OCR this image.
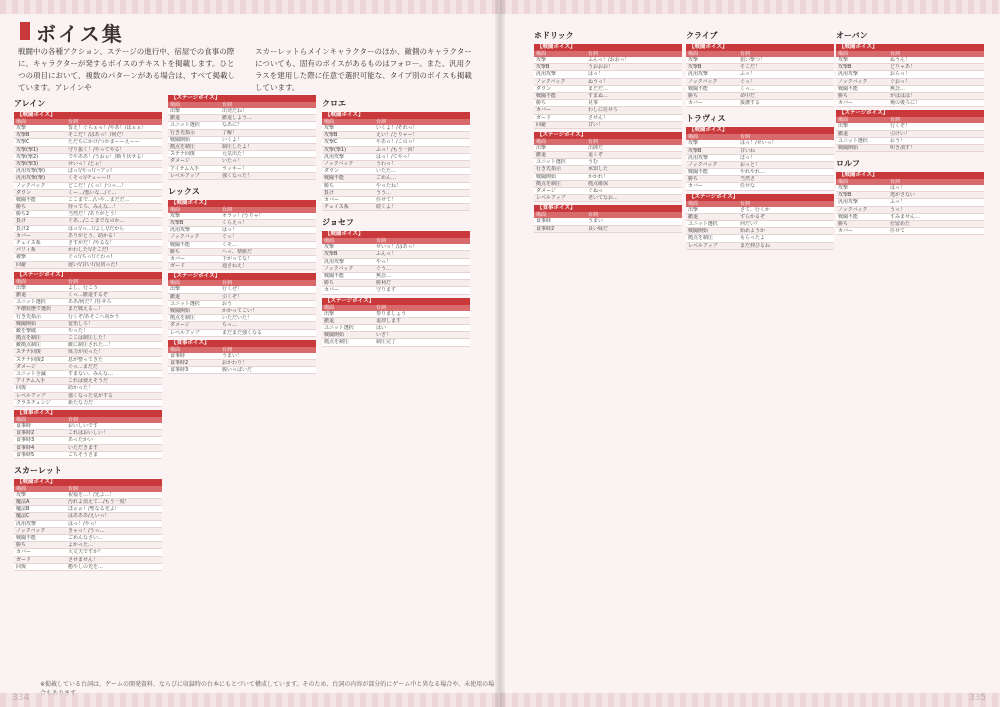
ボイス集
戦闘中の各種アクション、ステージの進行中、宿屋での食事の際に、キャラクターが発するボイスのテキストを掲載します。ひとつの項目において、複数のパターンがある場合は、すべて掲載しています。アレインや
スカーレットらメインキャラクターのほか、敵側のキャラクターについても、固有のボイスがあるものはフォロー。また、汎用クラスを建用した際に任意で選択可能な、タイプ別のボイスも掲載しています。
アレイン
【戦闘ボイス】
場面	台詞
攻撃	誓え！ぐらぁっ！/やあ！/はぁぁ！
攻撃B	そこだ！/はあっ！/何だ！
攻撃C	ただちにかけ/つかまーーえーー
攻撃(撃1)	守り抜く！/やってやる！
攻撃(撃2)	でやああ！/うおぉ！/斬り伏せる！
攻撃(撃3)	せいっ！/とぉ！
汎用攻撃(撃)	ぱっ!/やっ!/ハアッ!
汎用攻撃(撃)	くそっ!/チェーー!!
ノックバック	どこだ！/くっ！/つっ…！
ダウン	くー…/悪いな…/ぐ…
戦闘不能	ここまで…/いや…まだだ…
勝ち	待ってろ、みんな…！
勝ち2	当然だ！/ありがとう！
負け	ぐあ…/ここまでなのか…
負け2	はっ!/っ…!/よし!/だから
カバー	ありがとう、助かる！
チェイス系	さすがだ！/やるな！
パリィ系	かわした!/そこだ!
被撃	ぐっ!/ちっ!/ぐわっ!
回避	遅い!/甘い!/見切った!
【ステージボイス】
場面	台詞
出撃	よし、行こう
撤退	くっ…撤退するぞ
ユニット選択	ああ/何だ？/任せろ
半壊状態で選択	まだ戦える…！
行き先指示	行くぞ/あそこへ向かう
戦闘開始	覚悟しろ！
敵を撃破	やった！
拠点を制圧	ここは制圧した！
敵拠点制圧	敵に制圧された…！
ステナ回復	体力が戻った！
ステナ回復2	息が整ってきた
ダメージ	ぐっ…まだだ
ユニット全滅	すまない、みんな…
アイテム入手	これは使えそうだ
回復	助かった！
レベルアップ	強くなった気がする
クラスチェンジ	新たな力だ
【食事ボイス】
場面	台詞
食事時	おいしいです
食事時2	これはおいしい！
食事時3	あったかい
食事時4	いただきます
食事時5	ごちそうさま
スカーレット
【戦闘ボイス】
場面	台詞
攻撃	祝福を…！/光よ…！
魔法A	汚れよ消えて…/もう一度！
魔法B	ほぉぉ！/聖なる光よ！
魔法C	はあああ/えいっ！
汎用攻撃	はっ！/やっ！
ノックバック	きゃっ！/うっ…
戦闘不能	ごめんなさい…
勝ち	よかった…
カバー	大丈夫ですか？
ガード	させません！
回復	癒やしの光を…
【ステージボイス】
場面	台詞
出撃	出発だね！
撤退	撤退しよう…
ユニット選択	なあに？
行き先指示	了解！
戦闘開始	いくよ！
拠点を制圧	制圧したよ！
ステナ回復	元気出た！
ダメージ	いたっ！
アイテム入手	ラッキー！
レベルアップ	強くなった！
レックス
【戦闘ボイス】
場面	台詞
攻撃	オラッ！/うりゃ！
攻撃B	くらえっ！
汎用攻撃	はっ！
ノックバック	ぐっ！
戦闘不能	くそ…
勝ち	へっ、楽勝だ
カバー	下がってな！
ガード	通さねえ！
【ステージボイス】
場面	台詞
出撃	行くぜ！
撤退	引くぞ！
ユニット選択	おう
戦闘開始	かかってこい！
拠点を制圧	いただいた！
ダメージ	ちっ…
レベルアップ	まだまだ強くなる
【食事ボイス】
場面	台詞
食事時	うまい！
食事時2	おかわり！
食事時3	腹いっぱいだ
クロエ
【戦闘ボイス】
場面	台詞
攻撃	いくよ！/それっ！
攻撃B	えい！/とりゃー！
攻撃C	やあっ！/このっ！
攻撃(撃1)	ふっ！/もう一回！
汎用攻撃	はっ！/てやっ！
ノックバック	うわっ！
ダウン	いたた…
戦闘不能	ごめん…
勝ち	やったね！
負け	うう…
カバー	任せて！
チェイス系	続くよ！
ジョセフ
【戦闘ボイス】
場面	台詞
攻撃	せいっ！/はあっ！
攻撃B	ふんっ！
汎用攻撃	やっ！
ノックバック	ぐう…
戦闘不能	無念…
勝ち	勝利だ
カバー	守ります
【ステージボイス】
場面	台詞
出撃	参りましょう
撤退	退却します
ユニット選択	はい
戦闘開始	いざ！
拠点を制圧	制圧完了
※掲載している台詞は、ゲームの開発資料、ならびに収録時の台本にもとづいて構成しています。そのため、台詞の内容が部分的にゲーム中と異なる場合や、未使用の場
ホドリック
【戦闘ボイス】
場面	台詞
攻撃	ふんっ！/おおっ！
攻撃B	うおおお！
汎用攻撃	はっ！
ノックバック	ぬうっ！
ダウン	まだだ…
戦闘不能	すまぬ…
勝ち	見事
カバー	わしに任せろ
ガード	させん！
回避	甘い！
【ステージボイス】
場面	台詞
出撃	出陣だ
撤退	退くぞ
ユニット選択	うむ
行き先指示	承知した
戦闘開始	かかれ！
拠点を制圧	拠点確保
ダメージ	ぐぬっ
レベルアップ	老いてなお…
【食事ボイス】
場面	台詞
食事時	うまい
食事時2	良い味だ
クライブ
【戦闘ボイス】
場面	台詞
攻撃	狙い撃つ！
攻撃B	そこだ！
汎用攻撃	ふっ！
ノックバック	ぐっ！
戦闘不能	くっ…
勝ち	命中だ
カバー	援護する
トラヴィス
【戦闘ボイス】
場面	台詞
攻撃	はっ！/せいっ！
攻撃B	甘いね
汎用攻撃	ほっ！
ノックバック	おっと！
戦闘不能	やれやれ…
勝ち	当然さ
カバー	任せな
【ステージボイス】
場面	台詞
出撃	さて、行くか
撤退	ずらかるぞ
ユニット選択	何だい？
戦闘開始	始めようか
拠点を制圧	もらったよ
レベルアップ	まだ伸びるね
オーバン
【戦闘ボイス】
場面	台詞
攻撃	ぬうん！
攻撃B	どりゃあ！
汎用攻撃	おらっ！
ノックバック	ぐおっ！
戦闘不能	無念…
勝ち	がははは！
カバー	俺の後ろに！
【ステージボイス】
場面	台詞
出撃	行くぞ！
撤退	引けい！
ユニット選択	おう！
戦闘開始	叩き潰す！
ロルフ
【戦闘ボイス】
場面	台詞
攻撃	はっ！
攻撃B	逃がさない
汎用攻撃	ふっ！
ノックバック	うっ！
戦闘不能	すみません…
勝ち	仕留めた
カバー	任せて
